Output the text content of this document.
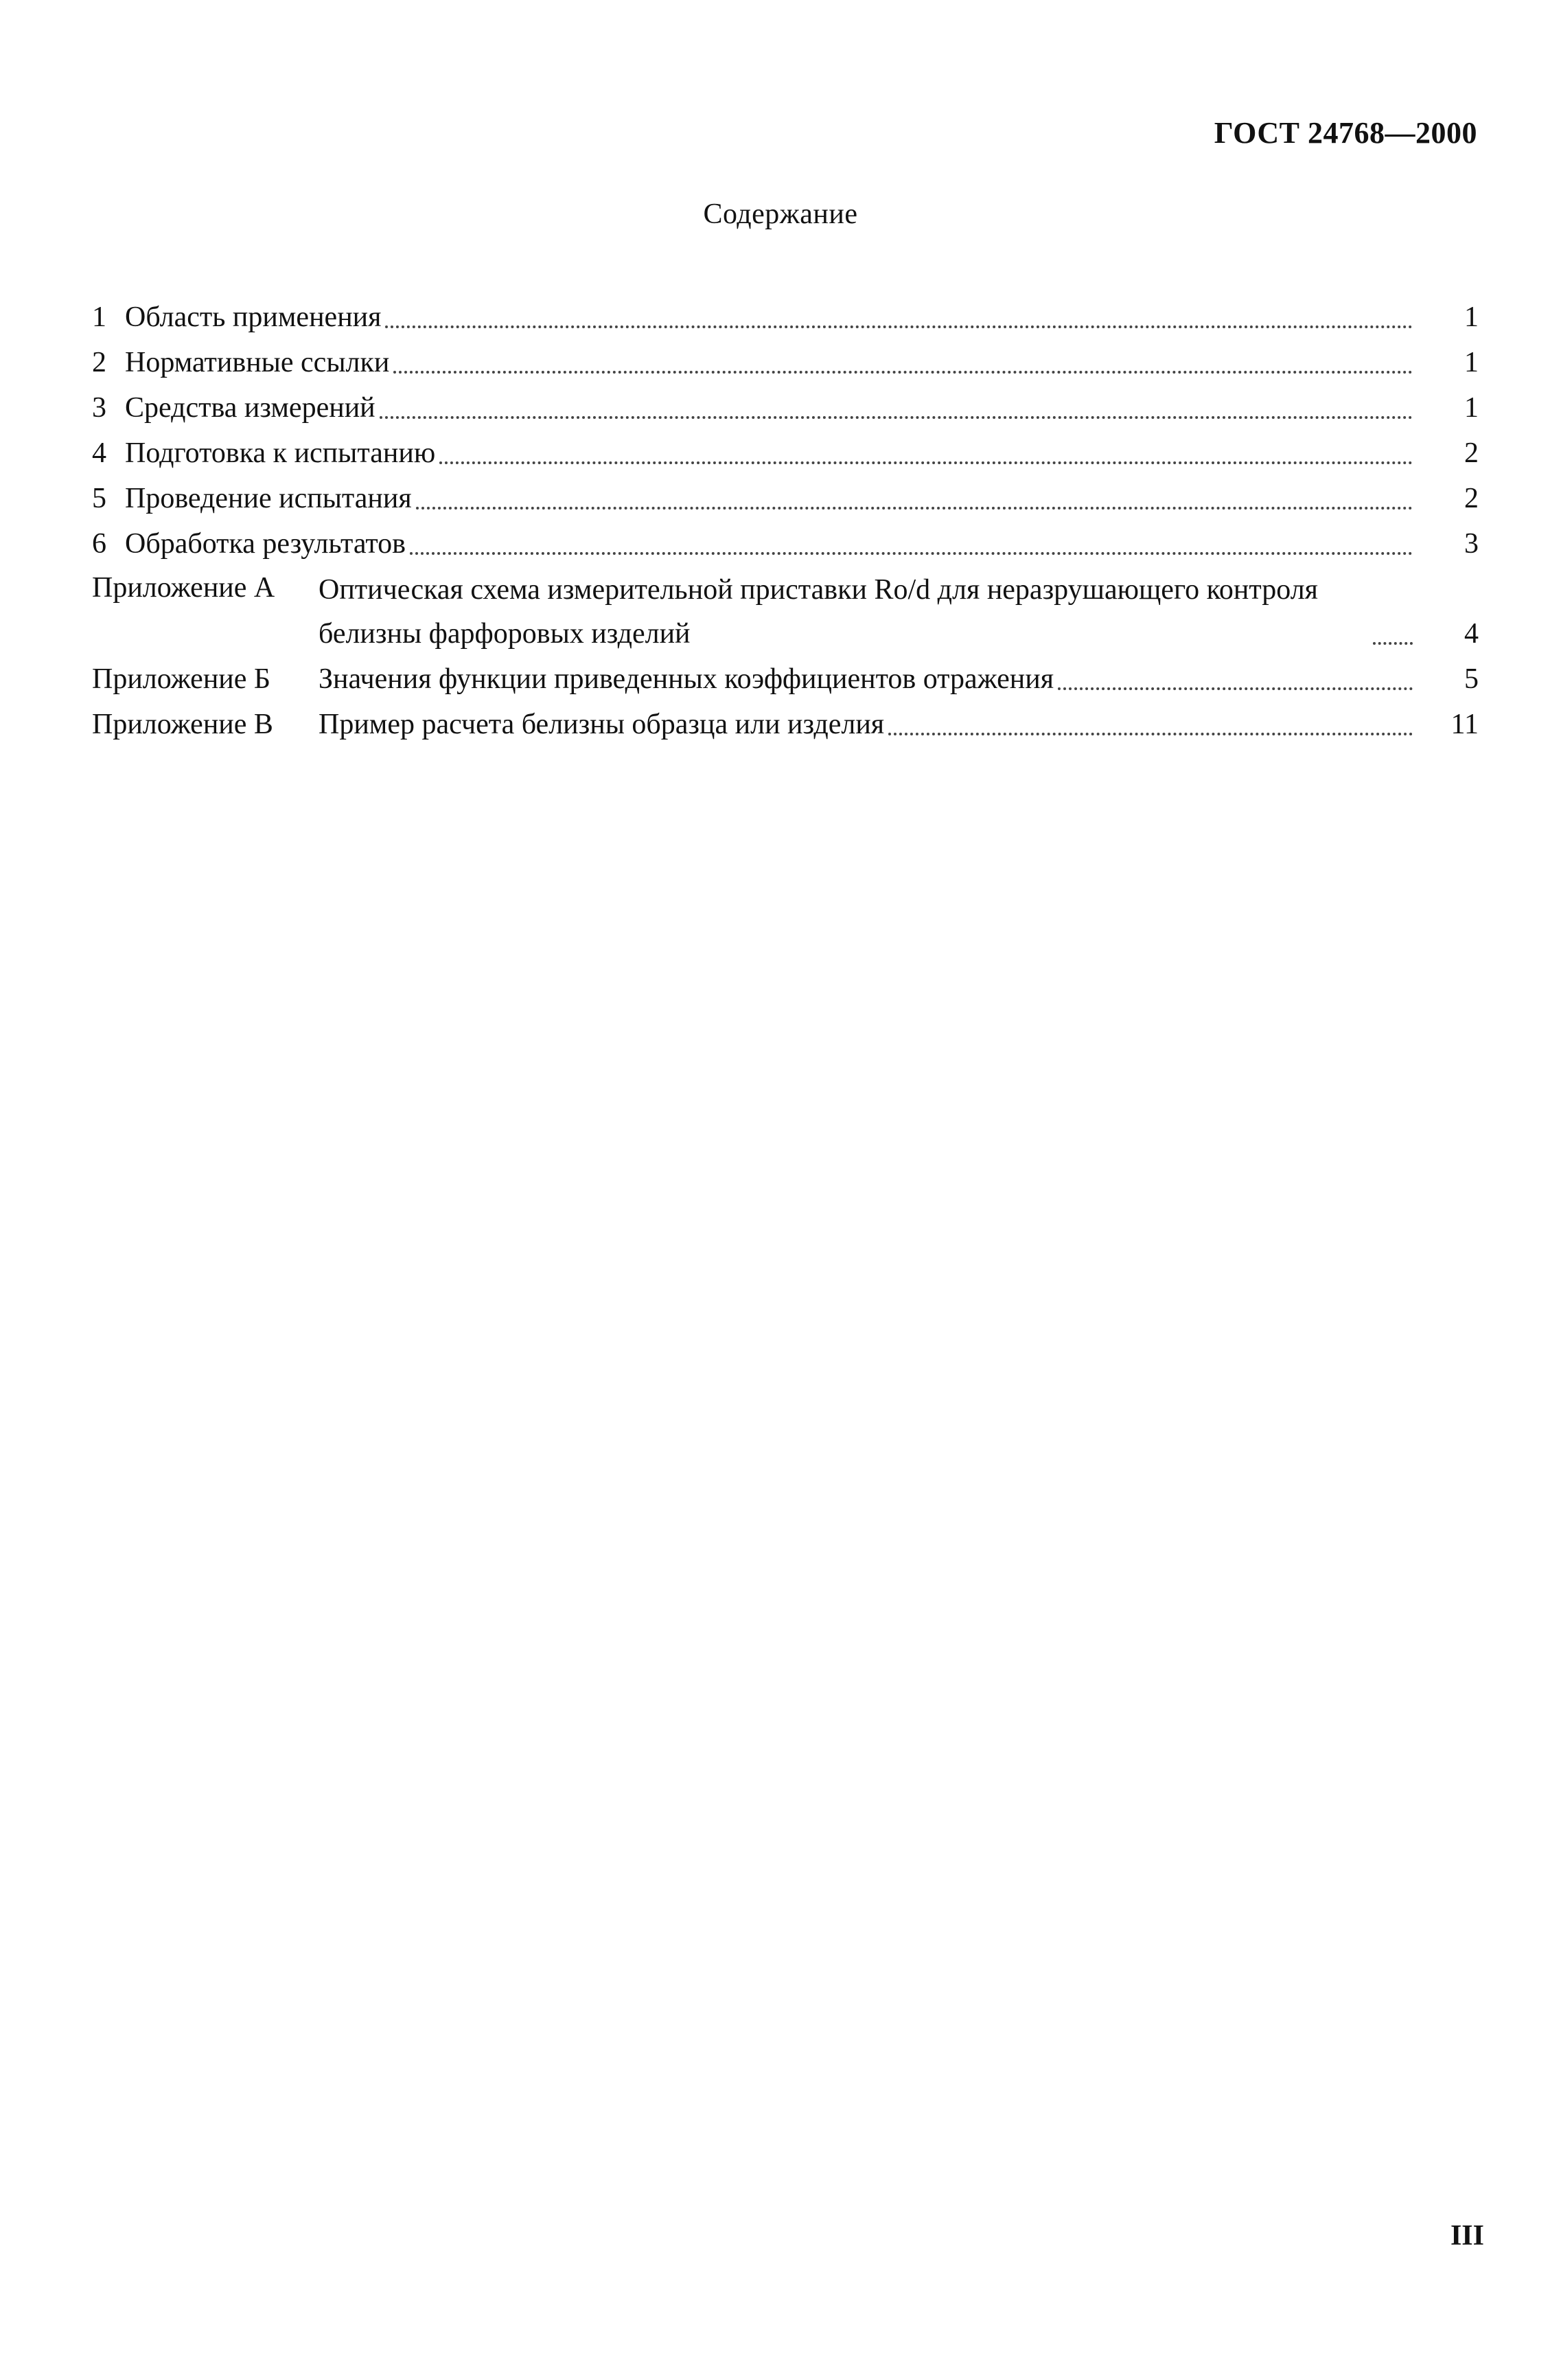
ГОСТ 24768—2000
Содержание
1 Область применения	1
2 Нормативные ссылки	1
3 Средства измерений	1
4 Подготовка к испытанию	2
5 Проведение испытания	2
6 Обработка результатов	3
Приложение А	Оптическая схема измерительной приставки Ro/d для неразрушающего контроля белизны фарфоровых изделий	4
Приложение Б	Значения функции приведенных коэффициентов отражения	5
Приложение В	Пример расчета белизны образца или изделия	11
III
